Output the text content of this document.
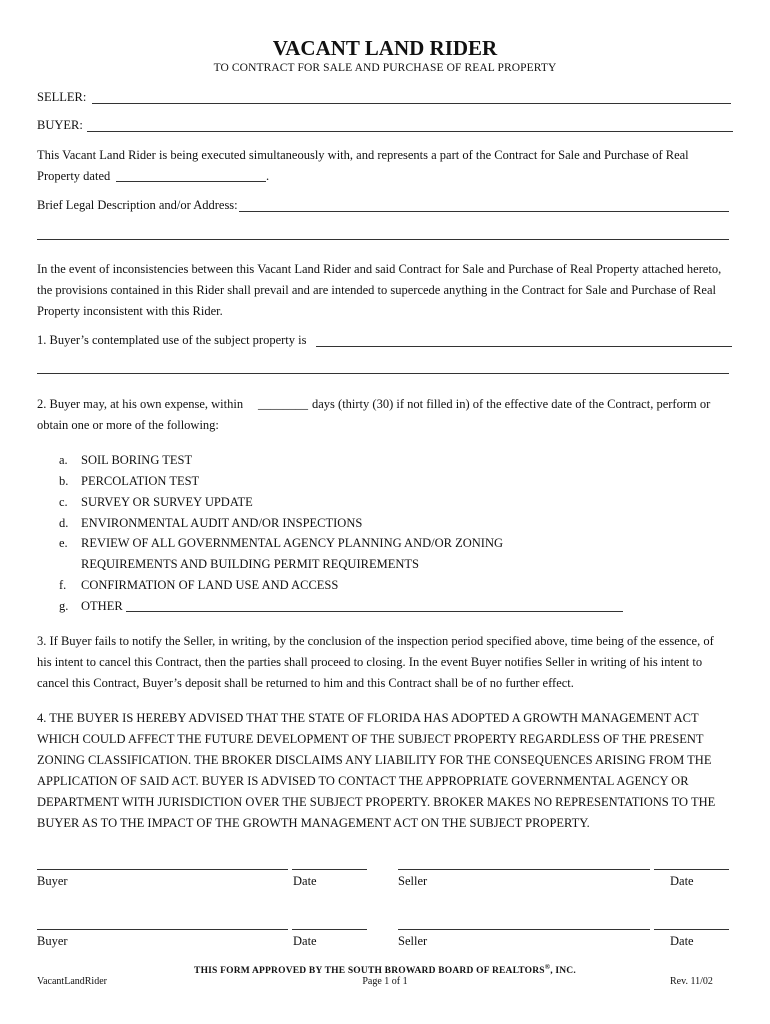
VACANT LAND RIDER
TO CONTRACT FOR SALE AND PURCHASE OF REAL PROPERTY
SELLER:
BUYER:
This Vacant Land Rider is being executed simultaneously with, and represents a part of the Contract for Sale and Purchase of Real
Property dated	.
Brief Legal Description and/or Address:
In the event of inconsistencies between this Vacant Land Rider and said Contract for Sale and Purchase of Real Property attached hereto,
the provisions contained in this Rider shall prevail and are intended to supercede anything in the Contract for Sale and Purchase of Real
Property inconsistent with this Rider.
1. Buyer’s contemplated use of the subject property is
2. Buyer may, at his own expense, within ________ days (thirty (30) if not filled in) of the effective date of the Contract, perform or
obtain one or more of the following:
a.	SOIL BORING TEST
b.	PERCOLATION TEST
c.	SURVEY OR SURVEY UPDATE
d.	ENVIRONMENTAL AUDIT AND/OR INSPECTIONS
e.	REVIEW OF ALL GOVERNMENTAL AGENCY PLANNING AND/OR ZONING
REQUIREMENTS AND BUILDING PERMIT REQUIREMENTS
f.	CONFIRMATION OF LAND USE AND ACCESS
g.	OTHER
3. If Buyer fails to notify the Seller, in writing, by the conclusion of the inspection period specified above, time being of the essence, of
his intent to cancel this Contract, then the parties shall proceed to closing. In the event Buyer notifies Seller in writing of his intent to
cancel this Contract, Buyer’s deposit shall be returned to him and this Contract shall be of no further effect.
4. THE BUYER IS HEREBY ADVISED THAT THE STATE OF FLORIDA HAS ADOPTED A GROWTH MANAGEMENT ACT
WHICH COULD AFFECT THE FUTURE DEVELOPMENT OF THE SUBJECT PROPERTY REGARDLESS OF THE PRESENT
ZONING CLASSIFICATION. THE BROKER DISCLAIMS ANY LIABILITY FOR THE CONSEQUENCES ARISING FROM THE
APPLICATION OF SAID ACT. BUYER IS ADVISED TO CONTACT THE APPROPRIATE GOVERNMENTAL AGENCY OR
DEPARTMENT WITH JURISDICTION OVER THE SUBJECT PROPERTY. BROKER MAKES NO REPRESENTATIONS TO THE
BUYER AS TO THE IMPACT OF THE GROWTH MANAGEMENT ACT ON THE SUBJECT PROPERTY.
Buyer	Date	Seller	Date
Buyer	Date	Seller	Date
THIS FORM APPROVED BY THE SOUTH BROWARD BOARD OF REALTORS®, INC.
VacantLandRider	Page 1 of 1	Rev. 11/02
